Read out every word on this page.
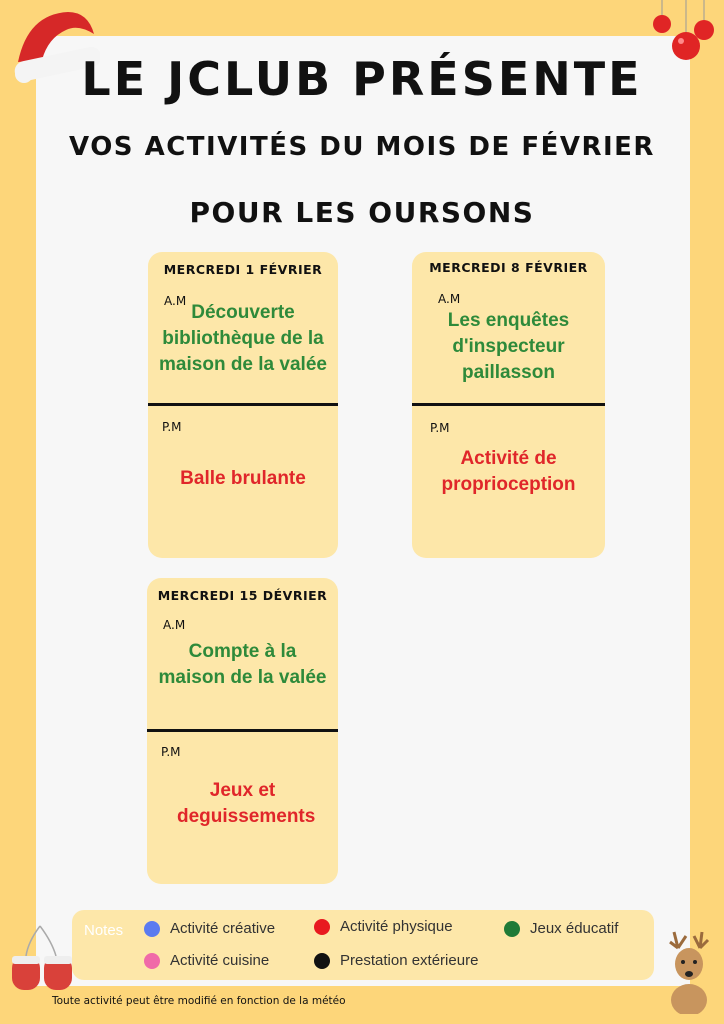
LE JCLUB PRÉSENTE
VOS ACTIVITÉS DU MOIS DE FÉVRIER
POUR LES OURSONS
MERCREDI 1 FÉVRIER
A.M
Découverte bibliothèque de la maison de la valée
P.M
Balle brulante
MERCREDI 8 FÉVRIER
A.M
Les enquêtes d'inspecteur paillasson
P.M
Activité de proprioception
MERCREDI 15 DÉVRIER
A.M
Compte à la maison de la valée
P.M
Jeux et deguissements
Notes	Activité créative	Activité physique	Jeux éducatif
Activité cuisine	Prestation extérieure
Toute activité peut être modifié en fonction de la météo
